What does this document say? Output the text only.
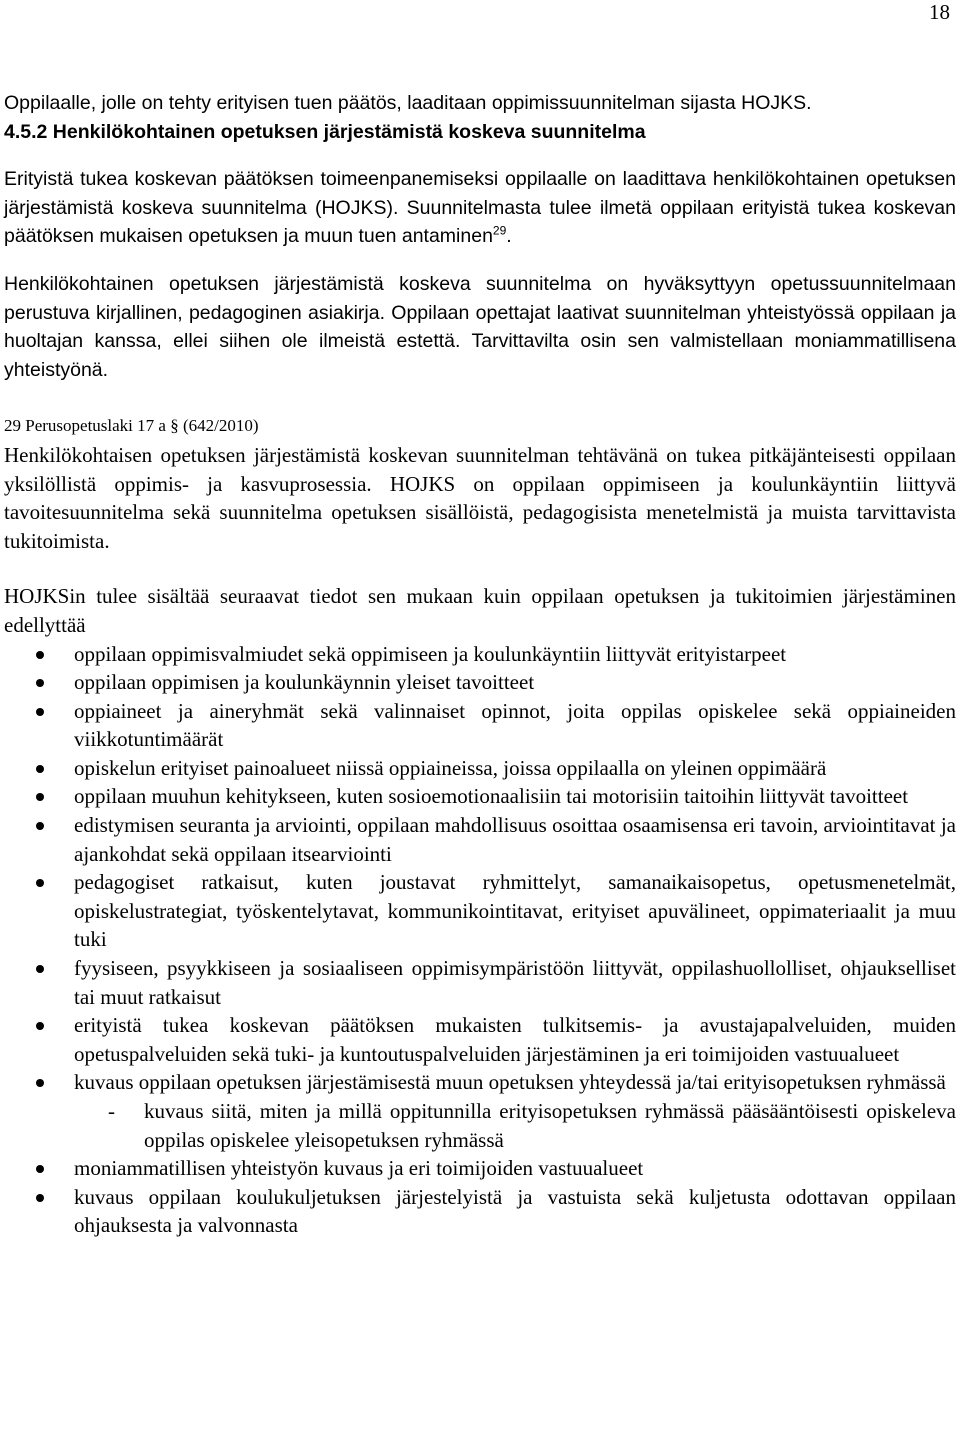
18

Oppilaalle, jolle on tehty erityisen tuen päätös, laaditaan oppimissuunnitelman sijasta HOJKS.

4.5.2 Henkilökohtainen opetuksen järjestämistä koskeva suunnitelma

Erityistä tukea koskevan päätöksen toimeenpanemiseksi oppilaalle on laadittava henkilökohtainen opetuksen järjestämistä koskeva suunnitelma (HOJKS). Suunnitelmasta tulee ilmetä oppilaan erityistä tukea koskevan päätöksen mukaisen opetuksen ja muun tuen antaminen$^{29}$.

Henkilökohtainen opetuksen järjestämistä koskeva suunnitelma on hyväksyttyyn opetussuunnitelmaan perustuva kirjallinen, pedagoginen asiakirja. Oppilaan opettajat laativat suunnitelman yhteistyössä oppilaan ja huoltajan kanssa, ellei siihen ole ilmeistä estettä. Tarvittavilta osin sen valmistellaan moniammatillisena yhteistyönä.

29 Perusopetuslaki 17 a § (642/2010)

Henkilökohtaisen opetuksen järjestämistä koskevan suunnitelman tehtävänä on tukea pitkäjänteisesti oppilaan yksilöllistä oppimis- ja kasvuprosessia. HOJKS on oppilaan oppimiseen ja koulunkäyntiin liittyvä tavoitesuunnitelma sekä suunnitelma opetuksen sisällöistä, pedagogisista menetelmistä ja muista tarvittavista tukitoimista.

HOJKSin tulee sisältää seuraavat tiedot sen mukaan kuin oppilaan opetuksen ja tukitoimien järjestäminen edellyttää

oppilaan oppimisvalmiudet sekä oppimiseen ja koulunkäyntiin liittyvät erityistarpeet
oppilaan oppimisen ja koulunkäynnin yleiset tavoitteet
oppiaineet ja aineryhmät sekä valinnaiset opinnot, joita oppilas opiskelee sekä oppiaineiden viikkotuntimäärät
opiskelun erityiset painoalueet niissä oppiaineissa, joissa oppilaalla on yleinen oppimäärä
oppilaan muuhun kehitykseen, kuten sosioemotionaalisiin tai motorisiin taitoihin liittyvät tavoitteet
edistymisen seuranta ja arviointi, oppilaan mahdollisuus osoittaa osaamisensa eri tavoin, arviointitavat ja ajankohdat sekä oppilaan itsearviointi
pedagogiset ratkaisut, kuten joustavat ryhmittelyt, samanaikaisopetus, opetusmenetelmät, opiskelustrategiat, työskentelytavat, kommunikointitavat, erityiset apuvälineet, oppimateriaalit ja muu tuki
fyysiseen, psyykkiseen ja sosiaaliseen oppimisympäristöön liittyvät, oppilashuollolliset, ohjaukselliset tai muut ratkaisut
erityistä tukea koskevan päätöksen mukaisten tulkitsemis- ja avustajapalveluiden, muiden opetuspalveluiden sekä tuki- ja kuntoutuspalveluiden järjestäminen ja eri toimijoiden vastuualueet
kuvaus oppilaan opetuksen järjestämisestä muun opetuksen yhteydessä ja/tai erityisopetuksen ryhmässä
- kuvaus siitä, miten ja millä oppitunnilla erityisopetuksen ryhmässä pääsääntöisesti opiskeleva oppilas opiskelee yleisopetuksen ryhmässä
moniammatillisen yhteistyön kuvaus ja eri toimijoiden vastuualueet
kuvaus oppilaan koulukuljetuksen järjestelyistä ja vastuista sekä kuljetusta odottavan oppilaan ohjauksesta ja valvonnasta
